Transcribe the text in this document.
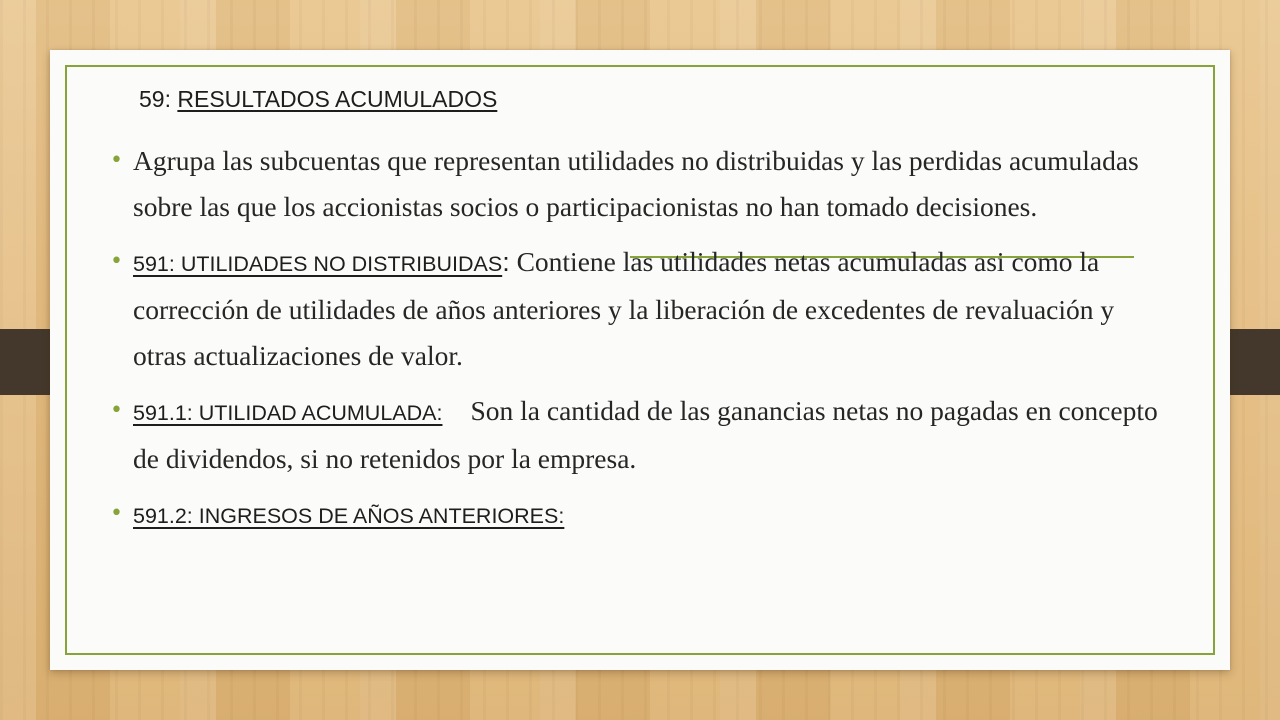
59: RESULTADOS ACUMULADOS
• Agrupa las subcuentas que representan utilidades no distribuidas y las perdidas acumuladas sobre las que los accionistas socios o participacionistas no han tomado decisiones.
• 591: UTILIDADES NO DISTRIBUIDAS: Contiene las utilidades netas acumuladas asi como la corrección de utilidades de años anteriores y la liberación de excedentes de revaluación y otras actualizaciones de valor.
• 591.1: UTILIDAD ACUMULADA: Son la cantidad de las ganancias netas no pagadas en concepto de dividendos, si no retenidos por la empresa.
• 591.2: INGRESOS DE AÑOS ANTERIORES:
